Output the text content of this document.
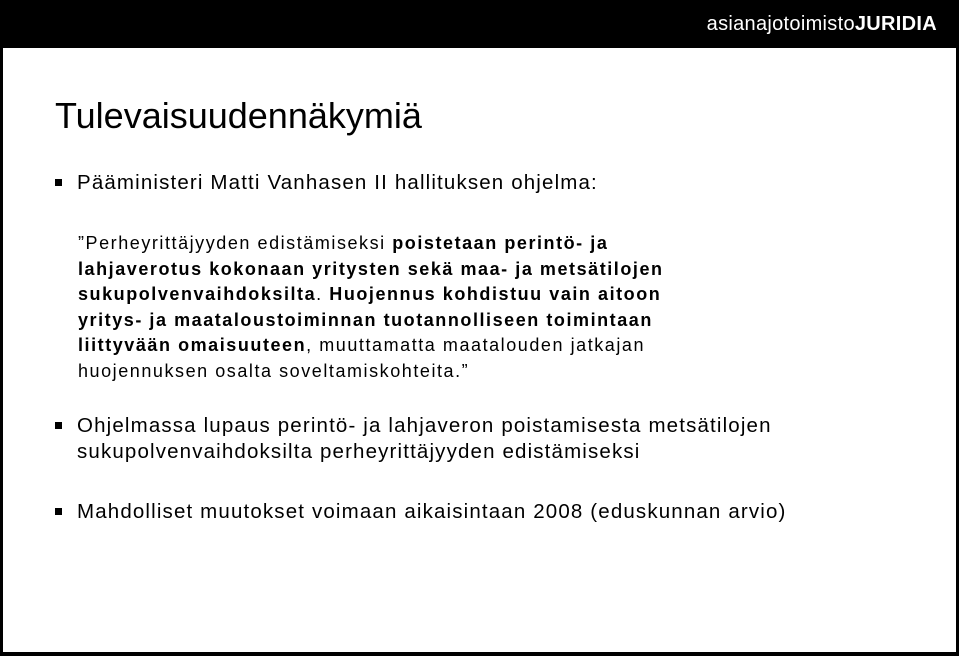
asianajotoimistoJURIDIA
Tulevaisuudennäkymiä
Pääministeri Matti Vanhasen II hallituksen ohjelma:
”Perheyrittäjyyden edistämiseksi poistetaan perintö- ja
lahjaverotus kokonaan yritysten sekä maa- ja metsätilojen
sukupolvenvaihdoksilta. Huojennus kohdistuu vain aitoon
yritys- ja maataloustoiminnan tuotannolliseen toimintaan
liittyvään omaisuuteen, muuttamatta maatalouden jatkajan
huojennuksen osalta soveltamiskohteita.”
Ohjelmassa lupaus perintö- ja lahjaveron poistamisesta metsätilojen
sukupolvenvaihdoksilta perheyrittäjyyden edistämiseksi
Mahdolliset muutokset voimaan aikaisintaan 2008 (eduskunnan arvio)
